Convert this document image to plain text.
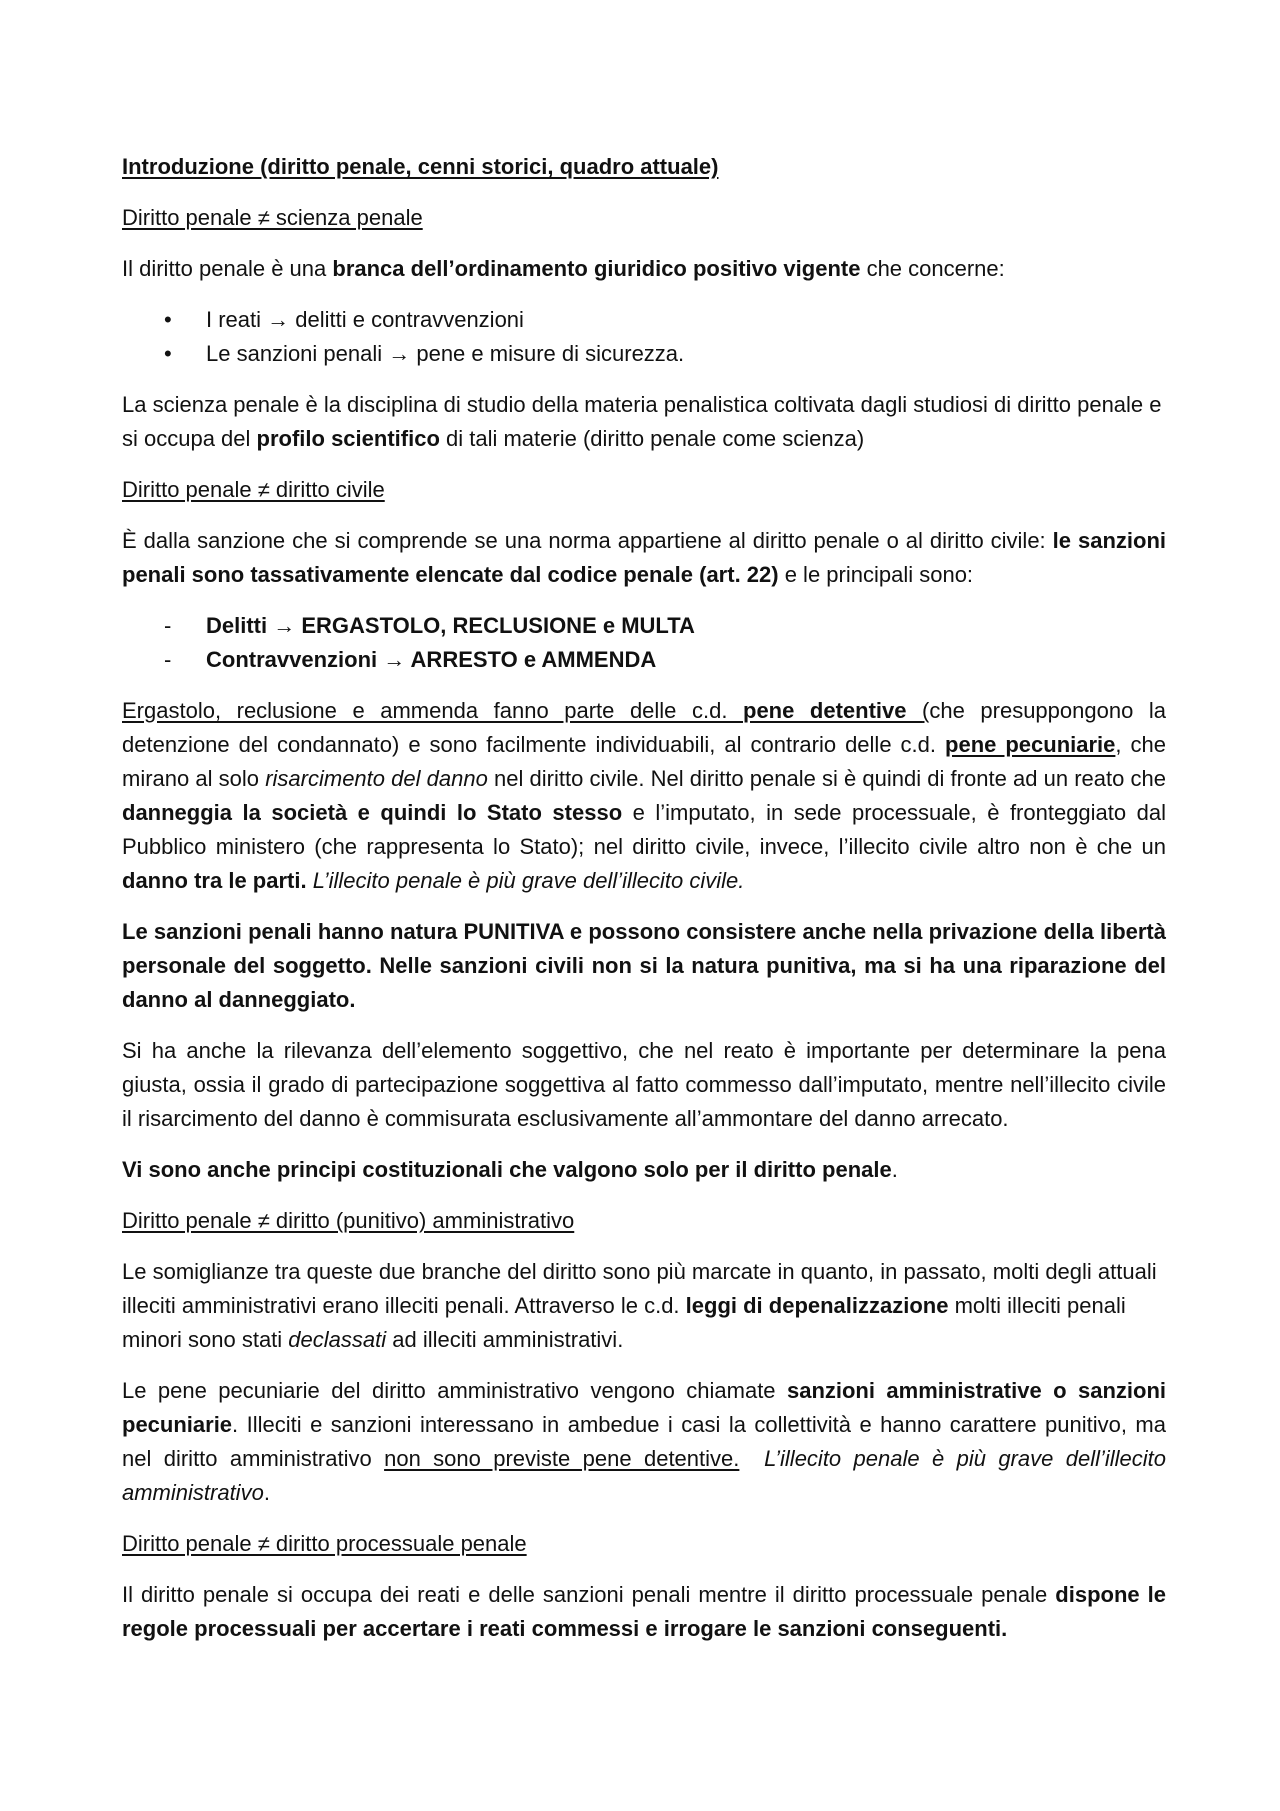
Introduzione (diritto penale, cenni storici, quadro attuale)

Diritto penale ≠ scienza penale

Il diritto penale è una branca dell’ordinamento giuridico positivo vigente che concerne:

• I reati → delitti e contravvenzioni
• Le sanzioni penali → pene e misure di sicurezza.

La scienza penale è la disciplina di studio della materia penalistica coltivata dagli studiosi di diritto penale e si occupa del profilo scientifico di tali materie (diritto penale come scienza)

Diritto penale ≠ diritto civile

È dalla sanzione che si comprende se una norma appartiene al diritto penale o al diritto civile: le sanzioni penali sono tassativamente elencate dal codice penale (art. 22) e le principali sono:

- Delitti → ERGASTOLO, RECLUSIONE e MULTA
- Contravvenzioni → ARRESTO e AMMENDA

Ergastolo, reclusione e ammenda fanno parte delle c.d. pene detentive (che presuppongono la detenzione del condannato) e sono facilmente individuabili, al contrario delle c.d. pene pecuniarie, che mirano al solo risarcimento del danno nel diritto civile. Nel diritto penale si è quindi di fronte ad un reato che danneggia la società e quindi lo Stato stesso e l’imputato, in sede processuale, è fronteggiato dal Pubblico ministero (che rappresenta lo Stato); nel diritto civile, invece, l’illecito civile altro non è che un danno tra le parti. L’illecito penale è più grave dell’illecito civile.

Le sanzioni penali hanno natura PUNITIVA e possono consistere anche nella privazione della libertà personale del soggetto. Nelle sanzioni civili non si la natura punitiva, ma si ha una riparazione del danno al danneggiato.

Si ha anche la rilevanza dell’elemento soggettivo, che nel reato è importante per determinare la pena giusta, ossia il grado di partecipazione soggettiva al fatto commesso dall’imputato, mentre nell’illecito civile il risarcimento del danno è commisurata esclusivamente all’ammontare del danno arrecato.

Vi sono anche principi costituzionali che valgono solo per il diritto penale.

Diritto penale ≠ diritto (punitivo) amministrativo

Le somiglianze tra queste due branche del diritto sono più marcate in quanto, in passato, molti degli attuali illeciti amministrativi erano illeciti penali. Attraverso le c.d. leggi di depenalizzazione molti illeciti penali minori sono stati declassati ad illeciti amministrativi.

Le pene pecuniarie del diritto amministrativo vengono chiamate sanzioni amministrative o sanzioni pecuniarie. Illeciti e sanzioni interessano in ambedue i casi la collettività e hanno carattere punitivo, ma nel diritto amministrativo non sono previste pene detentive. L’illecito penale è più grave dell’illecito amministrativo.

Diritto penale ≠ diritto processuale penale

Il diritto penale si occupa dei reati e delle sanzioni penali mentre il diritto processuale penale dispone le regole processuali per accertare i reati commessi e irrogare le sanzioni conseguenti.
